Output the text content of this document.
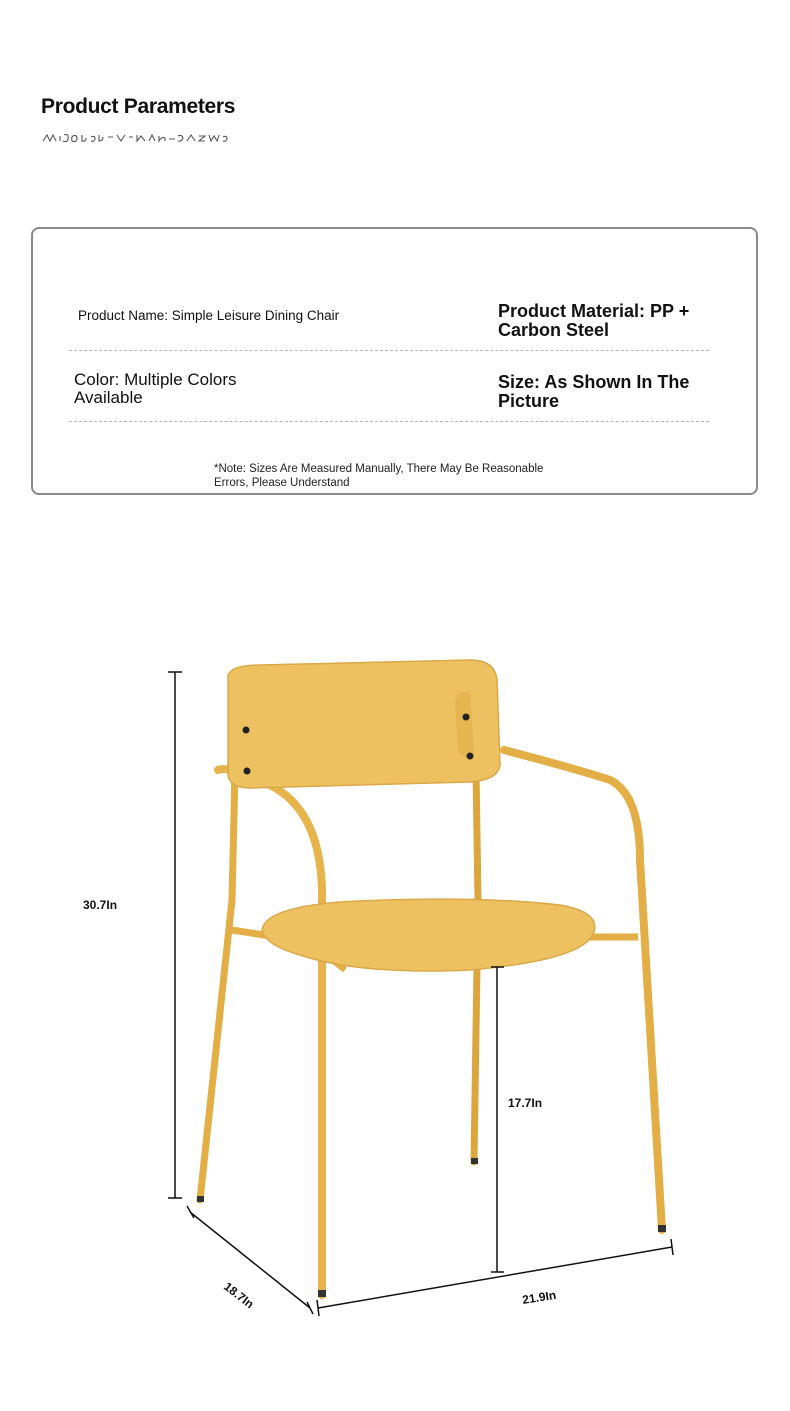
Product Parameters
Product Name: Simple Leisure Dining Chair	Product Material: PP + Carbon Steel
Color: Multiple Colors Available
Size: As Shown In The Picture
*Note: Sizes Are Measured Manually, There May Be Reasonable Errors, Please Understand
30.7In
17.7In
18.7In	21.9In
